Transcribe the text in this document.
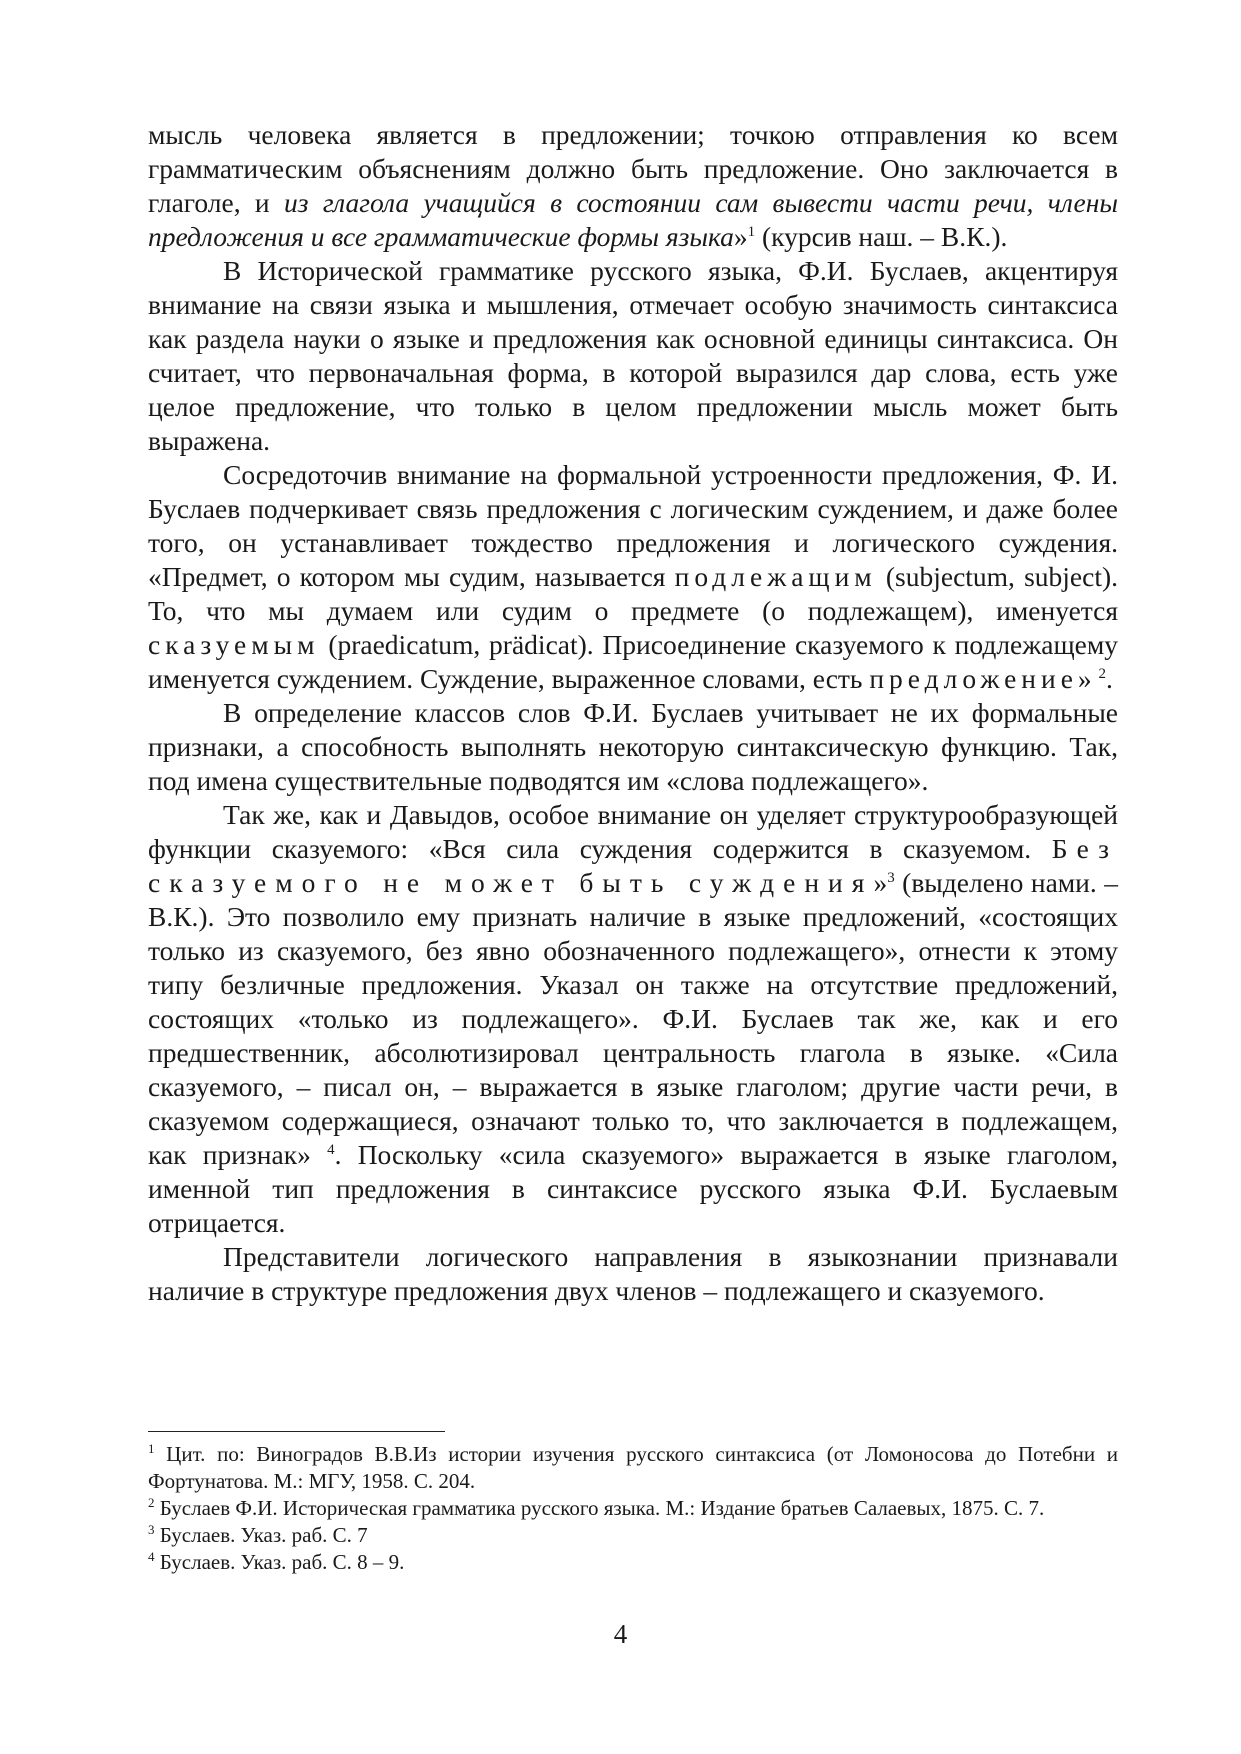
мысль человека является в предложении; точкою отправления ко всем грамматическим объяснениям должно быть предложение. Оно заключается в глаголе, и из глагола учащийся в состоянии сам вывести части речи, члены предложения и все грамматические формы языка»$^1$ (курсив наш. – В.К.).

В Исторической грамматике русского языка, Ф.И. Буслаев, акцентируя внимание на связи языка и мышления, отмечает особую значимость синтаксиса как раздела науки о языке и предложения как основной единицы синтаксиса. Он считает, что первоначальная форма, в которой выразился дар слова, есть уже целое предложение, что только в целом предложении мысль может быть выражена.

Сосредоточив внимание на формальной устроенности предложения, Ф. И. Буслаев подчеркивает связь предложения с логическим суждением, и даже более того, он устанавливает тождество предложения и логического суждения. «Предмет, о котором мы судим, называется подлежащим (subjectum, subject). То, что мы думаем или судим о предмете (о подлежащем), именуется сказуемым (praedicatum, prädicat). Присоединение сказуемого к подлежащему именуется суждением. Суждение, выраженное словами, есть предложение» $^2$.

В определение классов слов Ф.И. Буслаев учитывает не их формальные признаки, а способность выполнять некоторую синтаксическую функцию. Так, под имена существительные подводятся им «слова подлежащего».

Так же, как и Давыдов, особое внимание он уделяет структурообразующей функции сказуемого: «Вся сила суждения содержится в сказуемом. Без сказуемого не может быть суждения»$^3$ (выделено нами. – В.К.). Это позволило ему признать наличие в языке предложений, «состоящих только из сказуемого, без явно обозначенного подлежащего», отнести к этому типу безличные предложения. Указал он также на отсутствие предложений, состоящих «только из подлежащего». Ф.И. Буслаев так же, как и его предшественник, абсолютизировал центральность глагола в языке. «Сила сказуемого, – писал он, – выражается в языке глаголом; другие части речи, в сказуемом содержащиеся, означают только то, что заключается в подлежащем, как признак» $^4$. Поскольку «сила сказуемого» выражается в языке глаголом, именной тип предложения в синтаксисе русского языка Ф.И. Буслаевым отрицается.

Представители логического направления в языкознании признавали наличие в структуре предложения двух членов – подлежащего и сказуемого.

$^1$ Цит. по: Виноградов В.В.Из истории изучения русского синтаксиса (от Ломоносова до Потебни и Фортунатова. М.: МГУ, 1958. С. 204.

$^2$ Буслаев Ф.И. Историческая грамматика русского языка. М.: Издание братьев Салаевых, 1875. С. 7.

$^3$ Буслаев. Указ. раб. С. 7

$^4$ Буслаев. Указ. раб. С. 8 – 9.

4
